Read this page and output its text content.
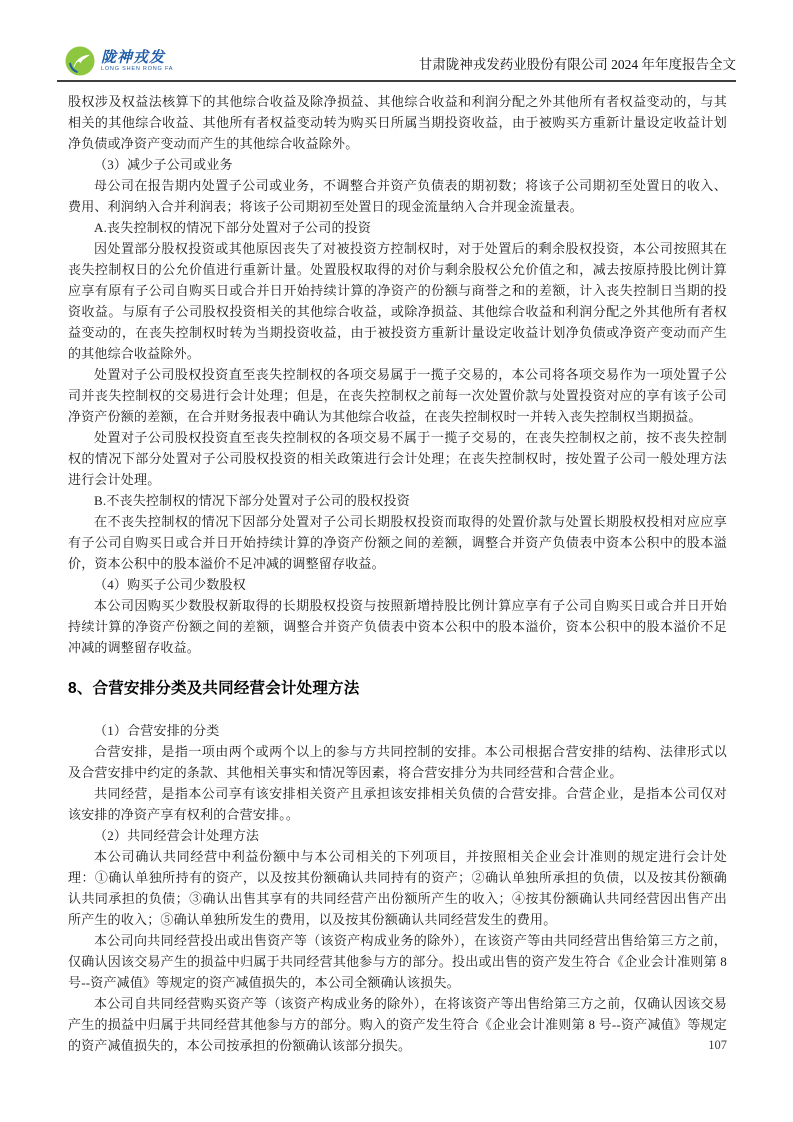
陇神戎发
LONG SHEN RONG FA	甘肃陇神戎发药业股份有限公司 2024 年年度报告全文

股权涉及权益法核算下的其他综合收益及除净损益、其他综合收益和利润分配之外其他所有者权益变动的，与其相关的其他综合收益、其他所有者权益变动转为购买日所属当期投资收益，由于被购买方重新计量设定收益计划净负债或净资产变动而产生的其他综合收益除外。

（3）减少子公司或业务

母公司在报告期内处置子公司或业务，不调整合并资产负债表的期初数；将该子公司期初至处置日的收入、费用、利润纳入合并利润表；将该子公司期初至处置日的现金流量纳入合并现金流量表。

A.丧失控制权的情况下部分处置对子公司的投资

因处置部分股权投资或其他原因丧失了对被投资方控制权时，对于处置后的剩余股权投资，本公司按照其在丧失控制权日的公允价值进行重新计量。处置股权取得的对价与剩余股权公允价值之和，减去按原持股比例计算应享有原有子公司自购买日或合并日开始持续计算的净资产的份额与商誉之和的差额，计入丧失控制日当期的投资收益。与原有子公司股权投资相关的其他综合收益，或除净损益、其他综合收益和利润分配之外其他所有者权益变动的，在丧失控制权时转为当期投资收益，由于被投资方重新计量设定收益计划净负债或净资产变动而产生的其他综合收益除外。

处置对子公司股权投资直至丧失控制权的各项交易属于一揽子交易的，本公司将各项交易作为一项处置子公司并丧失控制权的交易进行会计处理；但是，在丧失控制权之前每一次处置价款与处置投资对应的享有该子公司净资产份额的差额，在合并财务报表中确认为其他综合收益，在丧失控制权时一并转入丧失控制权当期损益。

处置对子公司股权投资直至丧失控制权的各项交易不属于一揽子交易的，在丧失控制权之前，按不丧失控制权的情况下部分处置对子公司股权投资的相关政策进行会计处理；在丧失控制权时，按处置子公司一般处理方法进行会计处理。

B.不丧失控制权的情况下部分处置对子公司的股权投资

在不丧失控制权的情况下因部分处置对子公司长期股权投资而取得的处置价款与处置长期股权投相对应应享有子公司自购买日或合并日开始持续计算的净资产份额之间的差额，调整合并资产负债表中资本公积中的股本溢价，资本公积中的股本溢价不足冲减的调整留存收益。

（4）购买子公司少数股权

本公司因购买少数股权新取得的长期股权投资与按照新增持股比例计算应享有子公司自购买日或合并日开始持续计算的净资产份额之间的差额，调整合并资产负债表中资本公积中的股本溢价，资本公积中的股本溢价不足冲减的调整留存收益。

8、合营安排分类及共同经营会计处理方法

（1）合营安排的分类

合营安排，是指一项由两个或两个以上的参与方共同控制的安排。本公司根据合营安排的结构、法律形式以及合营安排中约定的条款、其他相关事实和情况等因素，将合营安排分为共同经营和合营企业。

共同经营，是指本公司享有该安排相关资产且承担该安排相关负债的合营安排。合营企业，是指本公司仅对该安排的净资产享有权利的合营安排。。

（2）共同经营会计处理方法

本公司确认共同经营中利益份额中与本公司相关的下列项目，并按照相关企业会计准则的规定进行会计处理：①确认单独所持有的资产，以及按其份额确认共同持有的资产；②确认单独所承担的负债，以及按其份额确认共同承担的负债；③确认出售其享有的共同经营产出份额所产生的收入；④按其份额确认共同经营因出售产出所产生的收入；⑤确认单独所发生的费用，以及按其份额确认共同经营发生的费用。

本公司向共同经营投出或出售资产等（该资产构成业务的除外），在该资产等由共同经营出售给第三方之前，仅确认因该交易产生的损益中归属于共同经营其他参与方的部分。投出或出售的资产发生符合《企业会计准则第 8 号--资产减值》等规定的资产减值损失的，本公司全额确认该损失。

本公司自共同经营购买资产等（该资产构成业务的除外），在将该资产等出售给第三方之前，仅确认因该交易产生的损益中归属于共同经营其他参与方的部分。购入的资产发生符合《企业会计准则第 8 号--资产减值》等规定的资产减值损失的，本公司按承担的份额确认该部分损失。	107
